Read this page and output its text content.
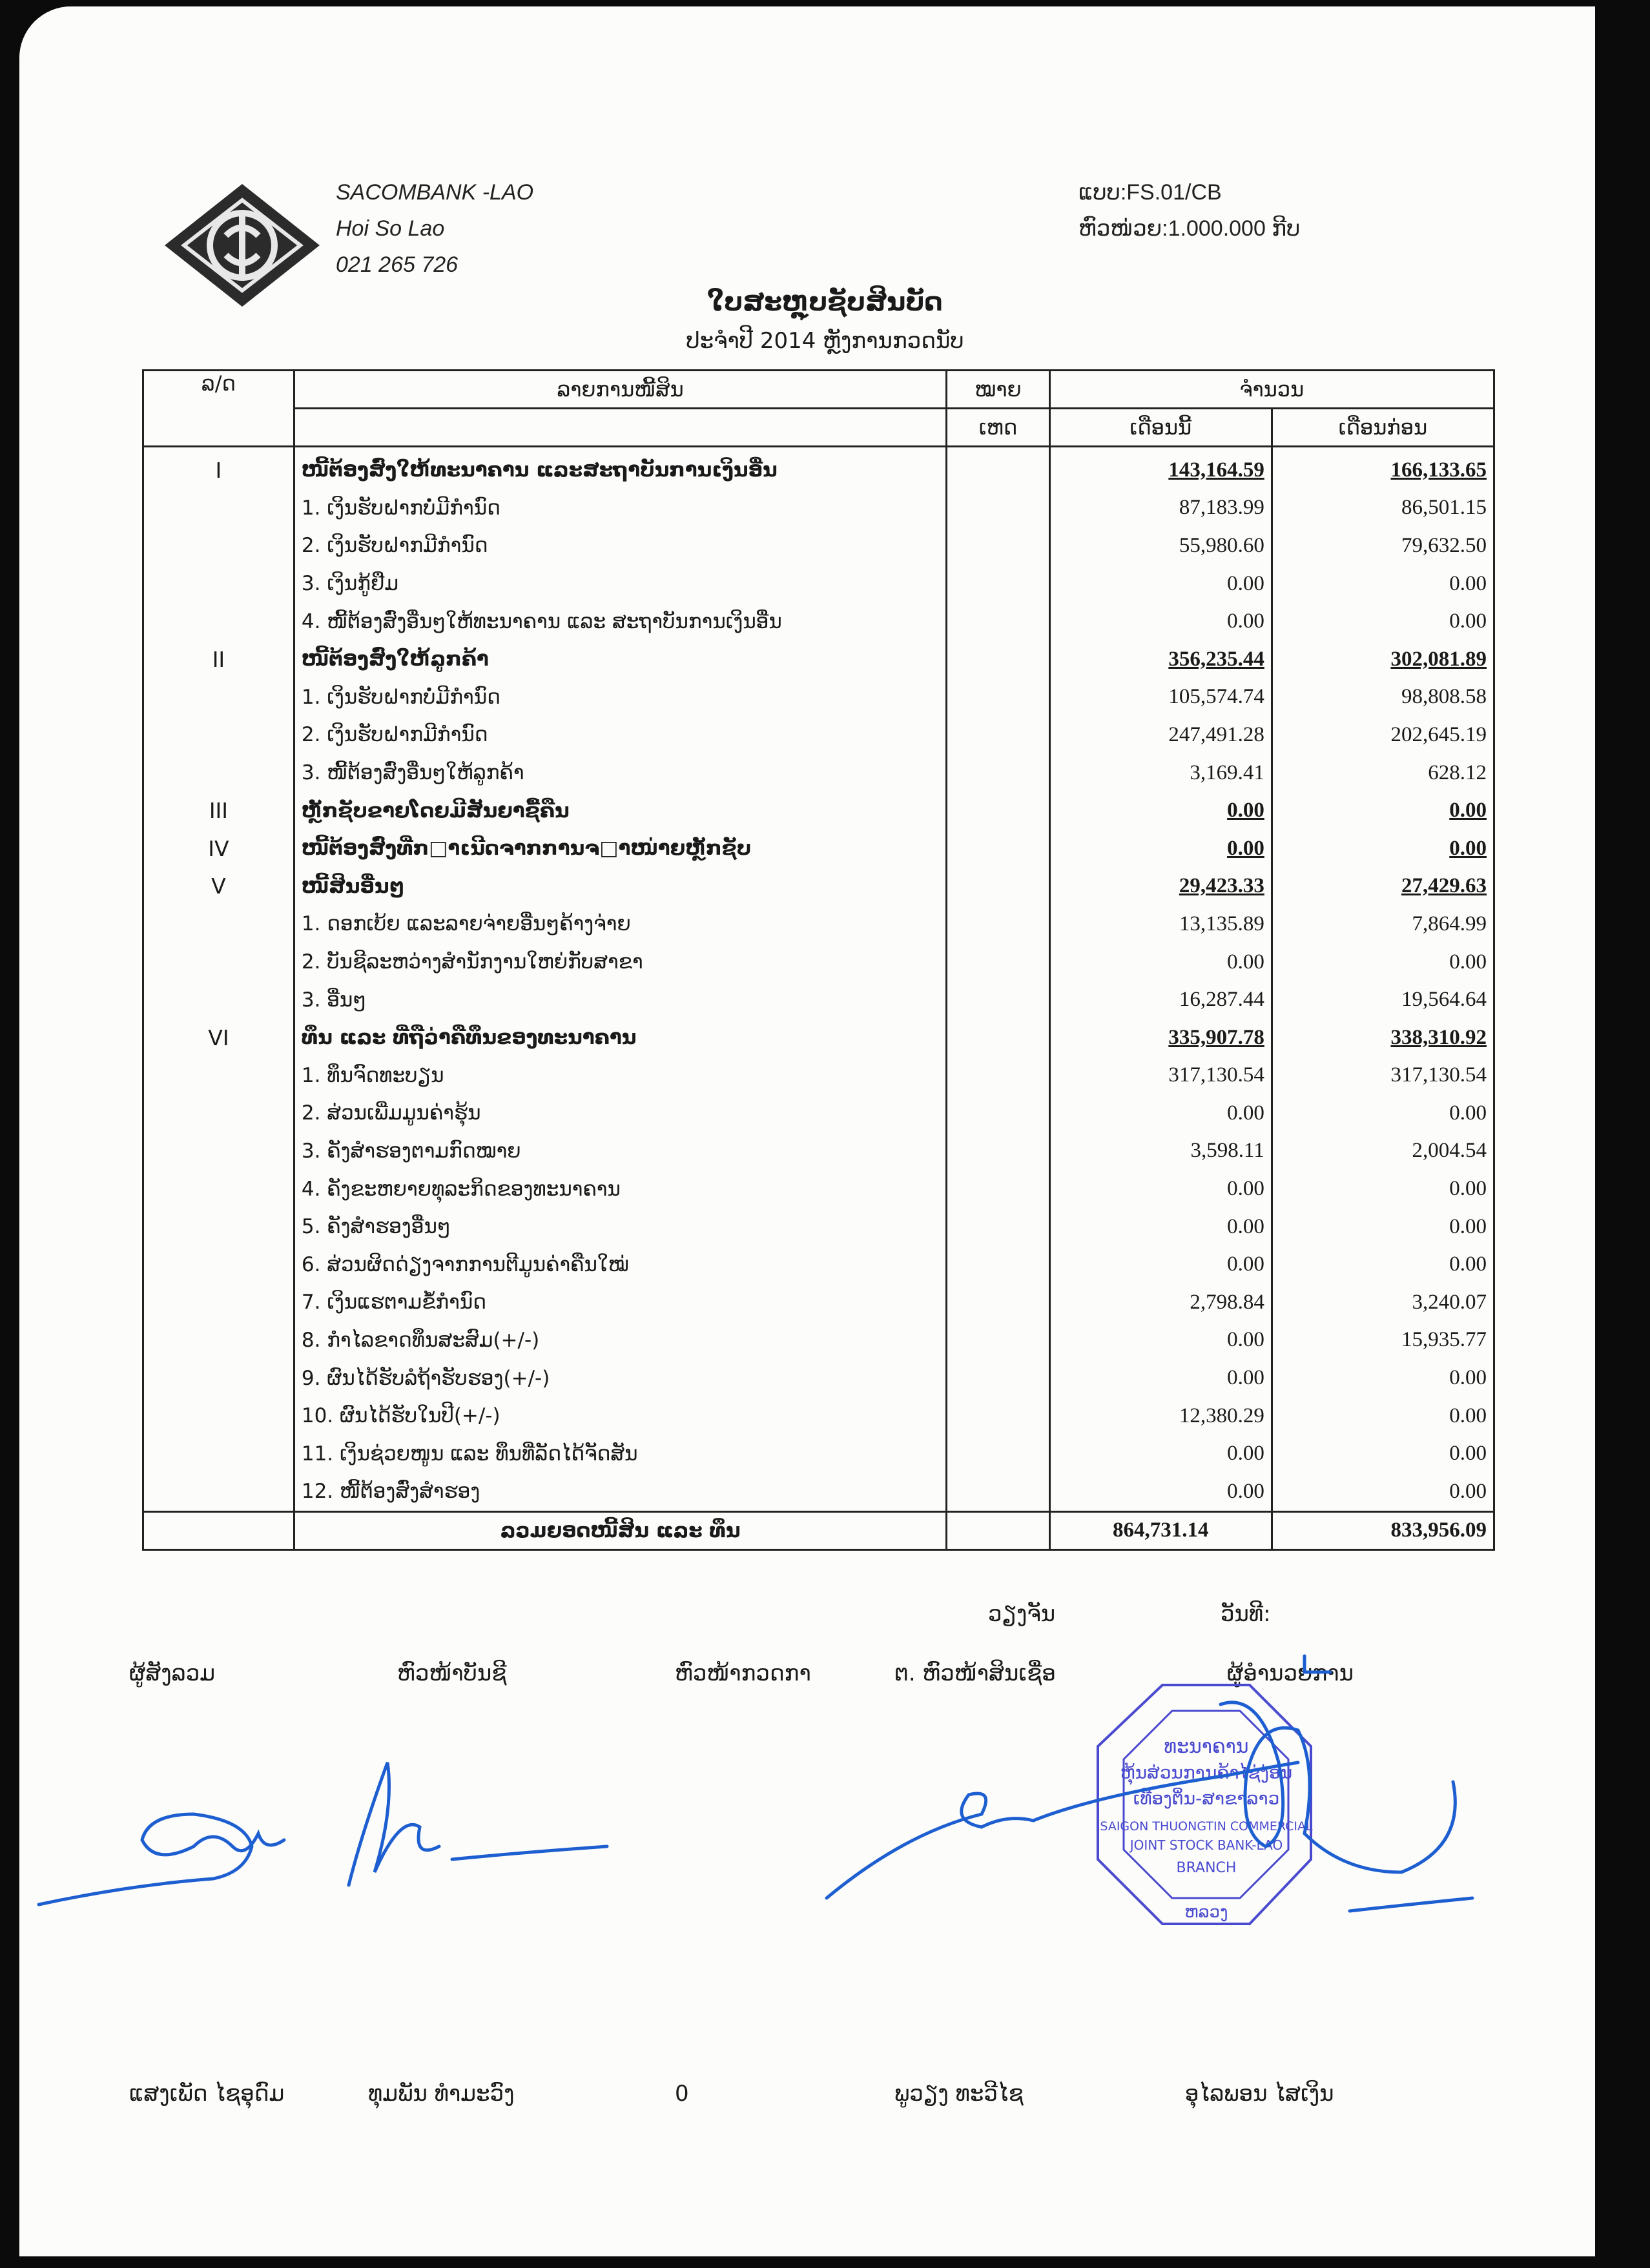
SACOMBANK -LAO
Hoi So Lao
021 265 726
ແບບ:FS.01/CB
ຫົວໜ່ວຍ:1.000.000 ກີບ
ໃບສະຫຼຸບຊັບສິນບັດ
ປະຈຳປີ 2014 ຫຼັງການກວດນັບ
ລ/ດ	ລາຍການໜີ້ສິນ	ໝາຍ	ຈຳນວນ	
		ເຫດ	ເດືອນນີ້	ເດືອນກ່ອນ
I	ໜີ້ຕ້ອງສົ່ງໃຫ້ທະນາຄານ ແລະສະຖາບັນການເງິນອື່ນ		143,164.59	166,133.65
	1. ເງິນຮັບຝາກບໍ່ມີກຳນົດ		87,183.99	86,501.15
	2. ເງິນຮັບຝາກມີກຳນົດ		55,980.60	79,632.50
	3. ເງິນກູ້ຢືມ		0.00	0.00
	4. ໜີ້ຕ້ອງສົ່ງອື່ນໆໃຫ້ທະນາຄານ ແລະ ສະຖາບັນການເງິນອື່ນ		0.00	0.00
II	ໜີ້ຕ້ອງສົ່ງໃຫ້ລູກຄ້າ		356,235.44	302,081.89
	1. ເງິນຮັບຝາກບໍ່ມີກຳນົດ		105,574.74	98,808.58
	2. ເງິນຮັບຝາກມີກຳນົດ		247,491.28	202,645.19
	3. ໜີ້ຕ້ອງສົ່ງອື່ນໆໃຫ້ລູກຄ້າ		3,169.41	628.12
III	ຫຼັກຊັບຂາຍໂດຍມີສັນຍາຊື້ຄືນ		0.00	0.00
IV	ໜີ້ຕ້ອງສົ່ງທີ່ກ□າເນີດຈາກການຈ□າໜ່າຍຫຼັກຊັບ		0.00	0.00
V	ໜີ້ສິນອື່ນໆ		29,423.33	27,429.63
	1. ດອກເບ້ຍ ແລະລາຍຈ່າຍອື່ນໆຄ້າງຈ່າຍ		13,135.89	7,864.99
	2. ບັນຊີລະຫວ່າງສຳນັກງານໃຫຍ່ກັບສາຂາ		0.00	0.00
	3. ອື່ນໆ		16,287.44	19,564.64
VI	ທຶນ ແລະ ທີ່ຖືວ່າຄືທຶນຂອງທະນາຄານ		335,907.78	338,310.92
	1. ທຶນຈົດທະບຽນ		317,130.54	317,130.54
	2. ສ່ວນເພີ່ມມູນຄ່າຮຸ້ນ		0.00	0.00
	3. ຄັງສຳຮອງຕາມກົດໝາຍ		3,598.11	2,004.54
	4. ຄັງຂະຫຍາຍທຸລະກິດຂອງທະນາຄານ		0.00	0.00
	5. ຄັງສຳຮອງອື່ນໆ		0.00	0.00
	6. ສ່ວນຜິດດ່ຽງຈາກການຕີມູນຄ່າຄືນໃໝ່		0.00	0.00
	7. ເງິນແຮຕາມຂໍ້ກຳນົດ		2,798.84	3,240.07
	8. ກຳໄລຂາດທຶນສະສົມ(+/-)		0.00	15,935.77
	9. ຜົນໄດ້ຮັບລໍຖ້າຮັບຮອງ(+/-)		0.00	0.00
	10. ຜົນໄດ້ຮັບໃນປີ(+/-)		12,380.29	0.00
	11. ເງິນຊ່ວຍໜູນ ແລະ ທຶນທີ່ລັດໄດ້ຈັດສັນ		0.00	0.00
	12. ໜີ້ຕ້ອງສົ່ງສຳຮອງ		0.00	0.00
	ລວມຍອດໜີ້ສິນ ແລະ ທຶນ		864,731.14	833,956.09
ວຽງຈັນ	ວັນທີ:
ຜູ້ສັງລວມ	ຫົວໜ້າບັນຊີ	ຫົວໜ້າກວດກາ	ຕ. ຫົວໜ້າສິນເຊື່ອ	ຜູ້ອຳນວຍການ
ທະນາຄານ
ຫຸ້ນສ່ວນການຄ້າໄຊ່ງ່ອນ
ເທືອງຕິ່ນ-ສາຂາລາວ
SAIGON THUONGTIN COMMERCIAL
JOINT STOCK BANK-LAO
BRANCH
ຫລວງ
ແສງເພັດ ໄຊອຸດົມ	ທຸມພັນ ທຳມະວົງ	0	ພູວຽງ ທະວີໄຊ	ອຸໄລພອນ ໄສເງິນ
